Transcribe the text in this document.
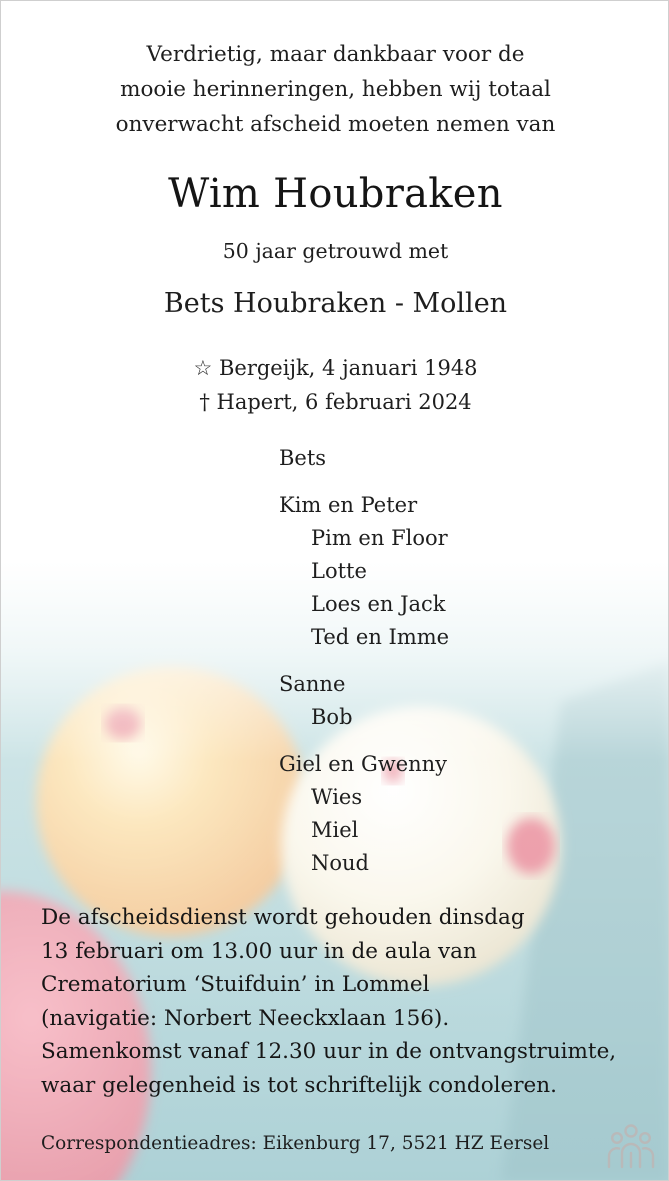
Verdrietig, maar dankbaar voor de
mooie herinneringen, hebben wij totaal
onverwacht afscheid moeten nemen van
Wim Houbraken
50 jaar getrouwd met
Bets Houbraken - Mollen
☆ Bergeijk, 4 januari 1948
† Hapert, 6 februari 2024
Bets
Kim en Peter
Pim en Floor
Lotte
Loes en Jack
Ted en Imme
Sanne
Bob
Giel en Gwenny
Wies
Miel
Noud
De afscheidsdienst wordt gehouden dinsdag
13 februari om 13.00 uur in de aula van
Crematorium ‘Stuifduin’ in Lommel
(navigatie: Norbert Neeckxlaan 156).
Samenkomst vanaf 12.30 uur in de ontvangstruimte,
waar gelegenheid is tot schriftelijk condoleren.
Correspondentieadres: Eikenburg 17, 5521 HZ Eersel
